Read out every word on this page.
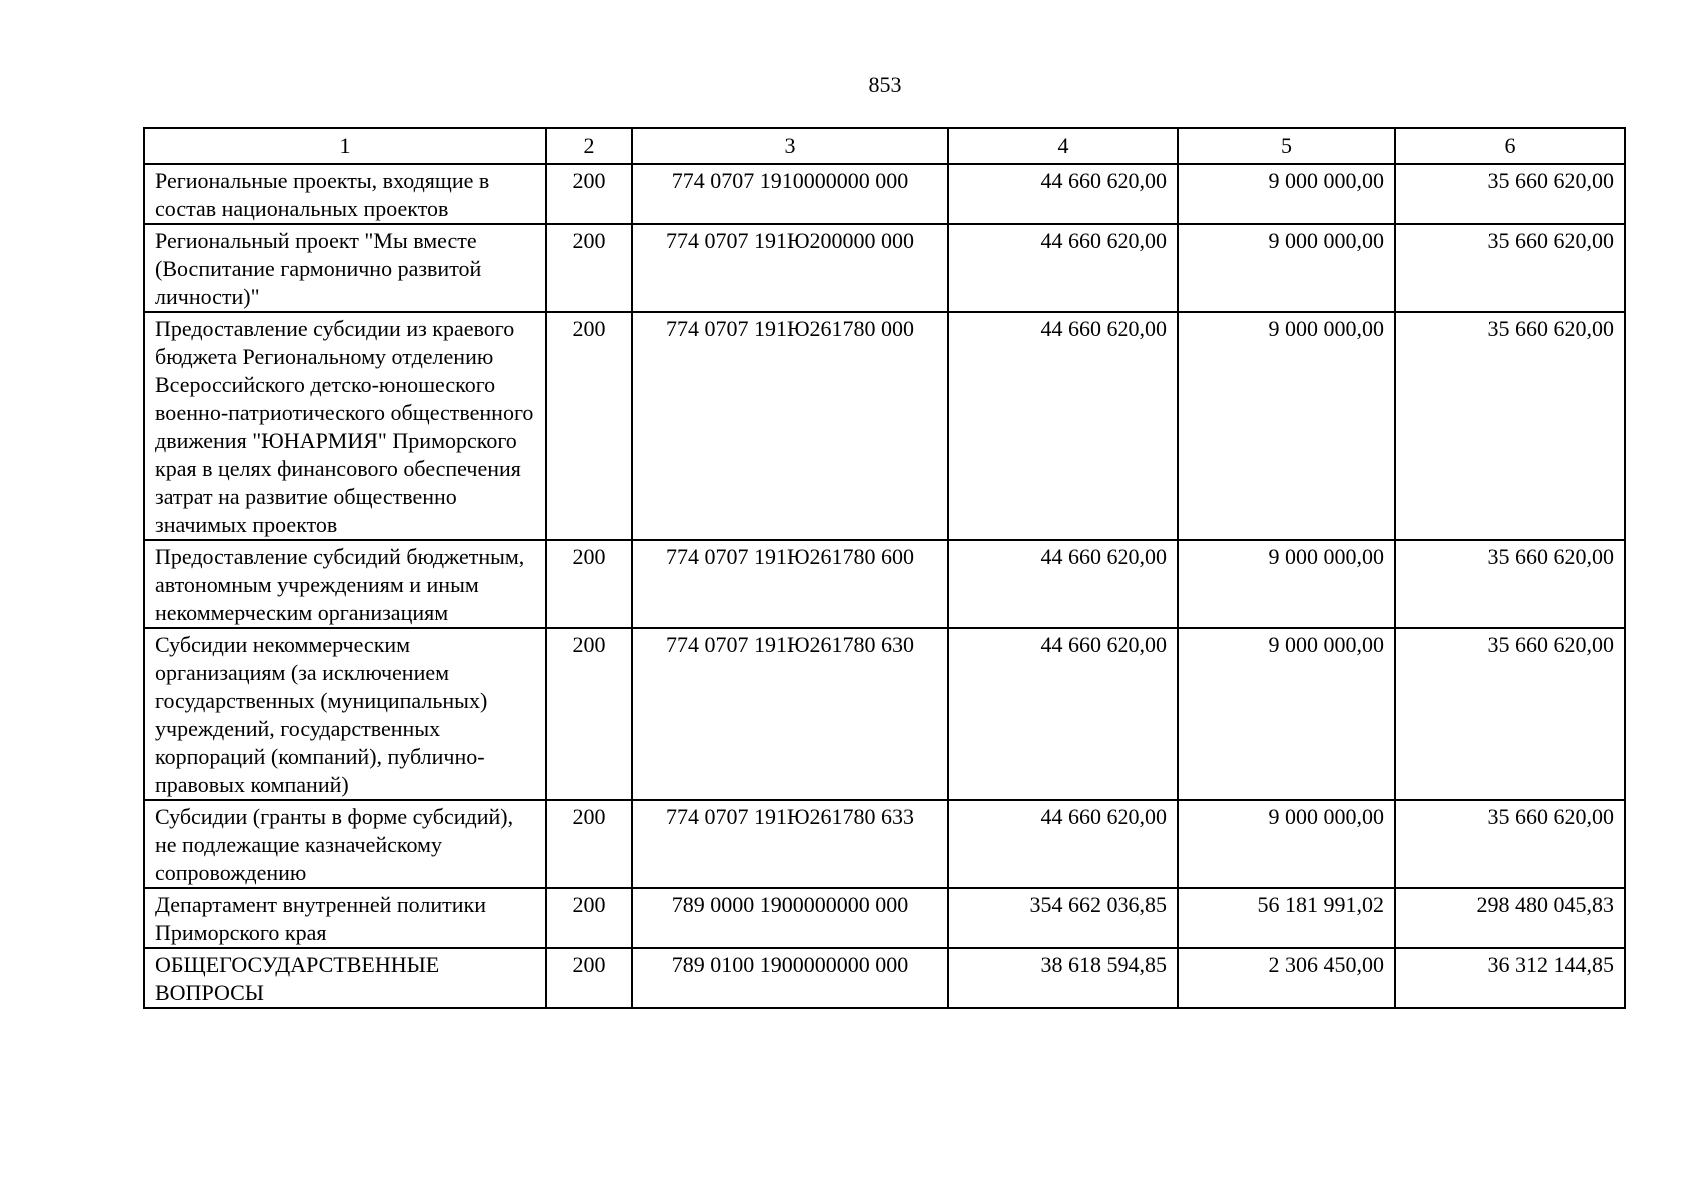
853
1	2	3	4	5	6
Региональные проекты, входящие в состав национальных проектов	200	774 0707 1910000000 000	44 660 620,00	9 000 000,00	35 660 620,00
Региональный проект "Мы вместе (Воспитание гармонично развитой личности)"	200	774 0707 191Ю200000 000	44 660 620,00	9 000 000,00	35 660 620,00
Предоставление субсидии из краевого бюджета Региональному отделению Всероссийского детско-юношеского военно-патриотического общественного движения "ЮНАРМИЯ" Приморского края в целях финансового обеспечения затрат на развитие общественно значимых проектов	200	774 0707 191Ю261780 000	44 660 620,00	9 000 000,00	35 660 620,00
Предоставление субсидий бюджетным, автономным учреждениям и иным некоммерческим организациям	200	774 0707 191Ю261780 600	44 660 620,00	9 000 000,00	35 660 620,00
Субсидии некоммерческим организациям (за исключением государственных (муниципальных) учреждений, государственных корпораций (компаний), публично-правовых компаний)	200	774 0707 191Ю261780 630	44 660 620,00	9 000 000,00	35 660 620,00
Субсидии (гранты в форме субсидий), не подлежащие казначейскому сопровождению	200	774 0707 191Ю261780 633	44 660 620,00	9 000 000,00	35 660 620,00
Департамент внутренней политики Приморского края	200	789 0000 1900000000 000	354 662 036,85	56 181 991,02	298 480 045,83
ОБЩЕГОСУДАРСТВЕННЫЕ ВОПРОСЫ	200	789 0100 1900000000 000	38 618 594,85	2 306 450,00	36 312 144,85
